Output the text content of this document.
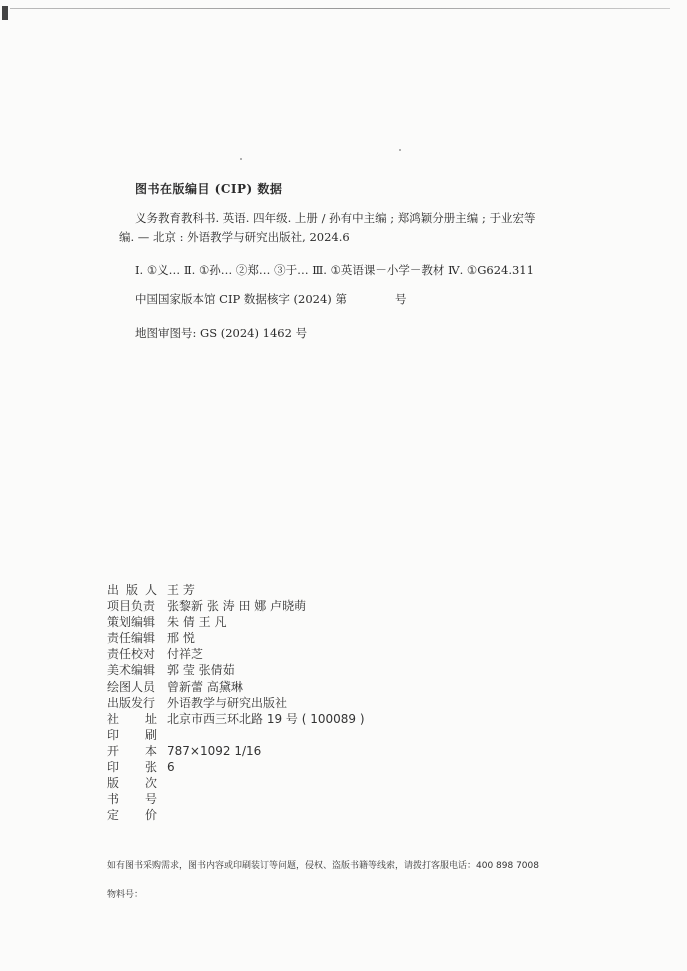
图书在版编目 (CIP) 数据
义务教育教科书. 英语. 四年级. 上册 / 孙有中主编 ; 郑鸿颖分册主编 ; 于业宏等
编. — 北京 : 外语教学与研究出版社, 2024.6
Ⅰ. ①义… Ⅱ. ①孙… ②郑… ③于… Ⅲ. ①英语课－小学－教材 Ⅳ. ①G624.311
中国国家版本馆 CIP 数据核字 (2024) 第	号
地图审图号: GS (2024) 1462 号
出 版 人 王 芳
项目负责 张黎新 张 涛 田 娜 卢晓萌
策划编辑 朱 倩 王 凡
责任编辑 邢 悦
责任校对 付祥芝
美术编辑 郭 莹 张倩茹
绘图人员 曾新蕾 高黛琳
出版发行 外语教学与研究出版社
社 址 北京市西三环北路 19 号 ( 100089 )
印 刷
开 本 787×1092 1/16
印 张 6
版 次
书 号
定 价
如有图书采购需求，图书内容或印刷装订等问题，侵权、盗版书籍等线索，请拨打客服电话：400 898 7008
物料号：
